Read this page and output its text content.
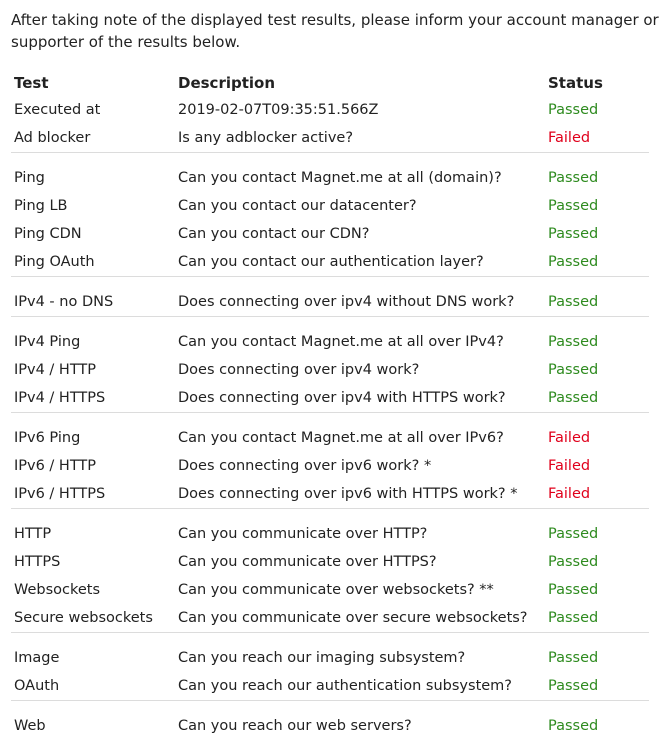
After taking note of the displayed test results, please inform your account manager or supporter of the results below.
Test	Description	Status
Executed at	2019-02-07T09:35:51.566Z	Passed
Ad blocker	Is any adblocker active?	Failed
Ping	Can you contact Magnet.me at all (domain)?	Passed
Ping LB	Can you contact our datacenter?	Passed
Ping CDN	Can you contact our CDN?	Passed
Ping OAuth	Can you contact our authentication layer?	Passed
IPv4 - no DNS	Does connecting over ipv4 without DNS work?	Passed
IPv4 Ping	Can you contact Magnet.me at all over IPv4?	Passed
IPv4 / HTTP	Does connecting over ipv4 work?	Passed
IPv4 / HTTPS	Does connecting over ipv4 with HTTPS work?	Passed
IPv6 Ping	Can you contact Magnet.me at all over IPv6?	Failed
IPv6 / HTTP	Does connecting over ipv6 work? *	Failed
IPv6 / HTTPS	Does connecting over ipv6 with HTTPS work? *	Failed
HTTP	Can you communicate over HTTP?	Passed
HTTPS	Can you communicate over HTTPS?	Passed
Websockets	Can you communicate over websockets? **	Passed
Secure websockets	Can you communicate over secure websockets?	Passed
Image	Can you reach our imaging subsystem?	Passed
OAuth	Can you reach our authentication subsystem?	Passed
Web	Can you reach our web servers?	Passed
